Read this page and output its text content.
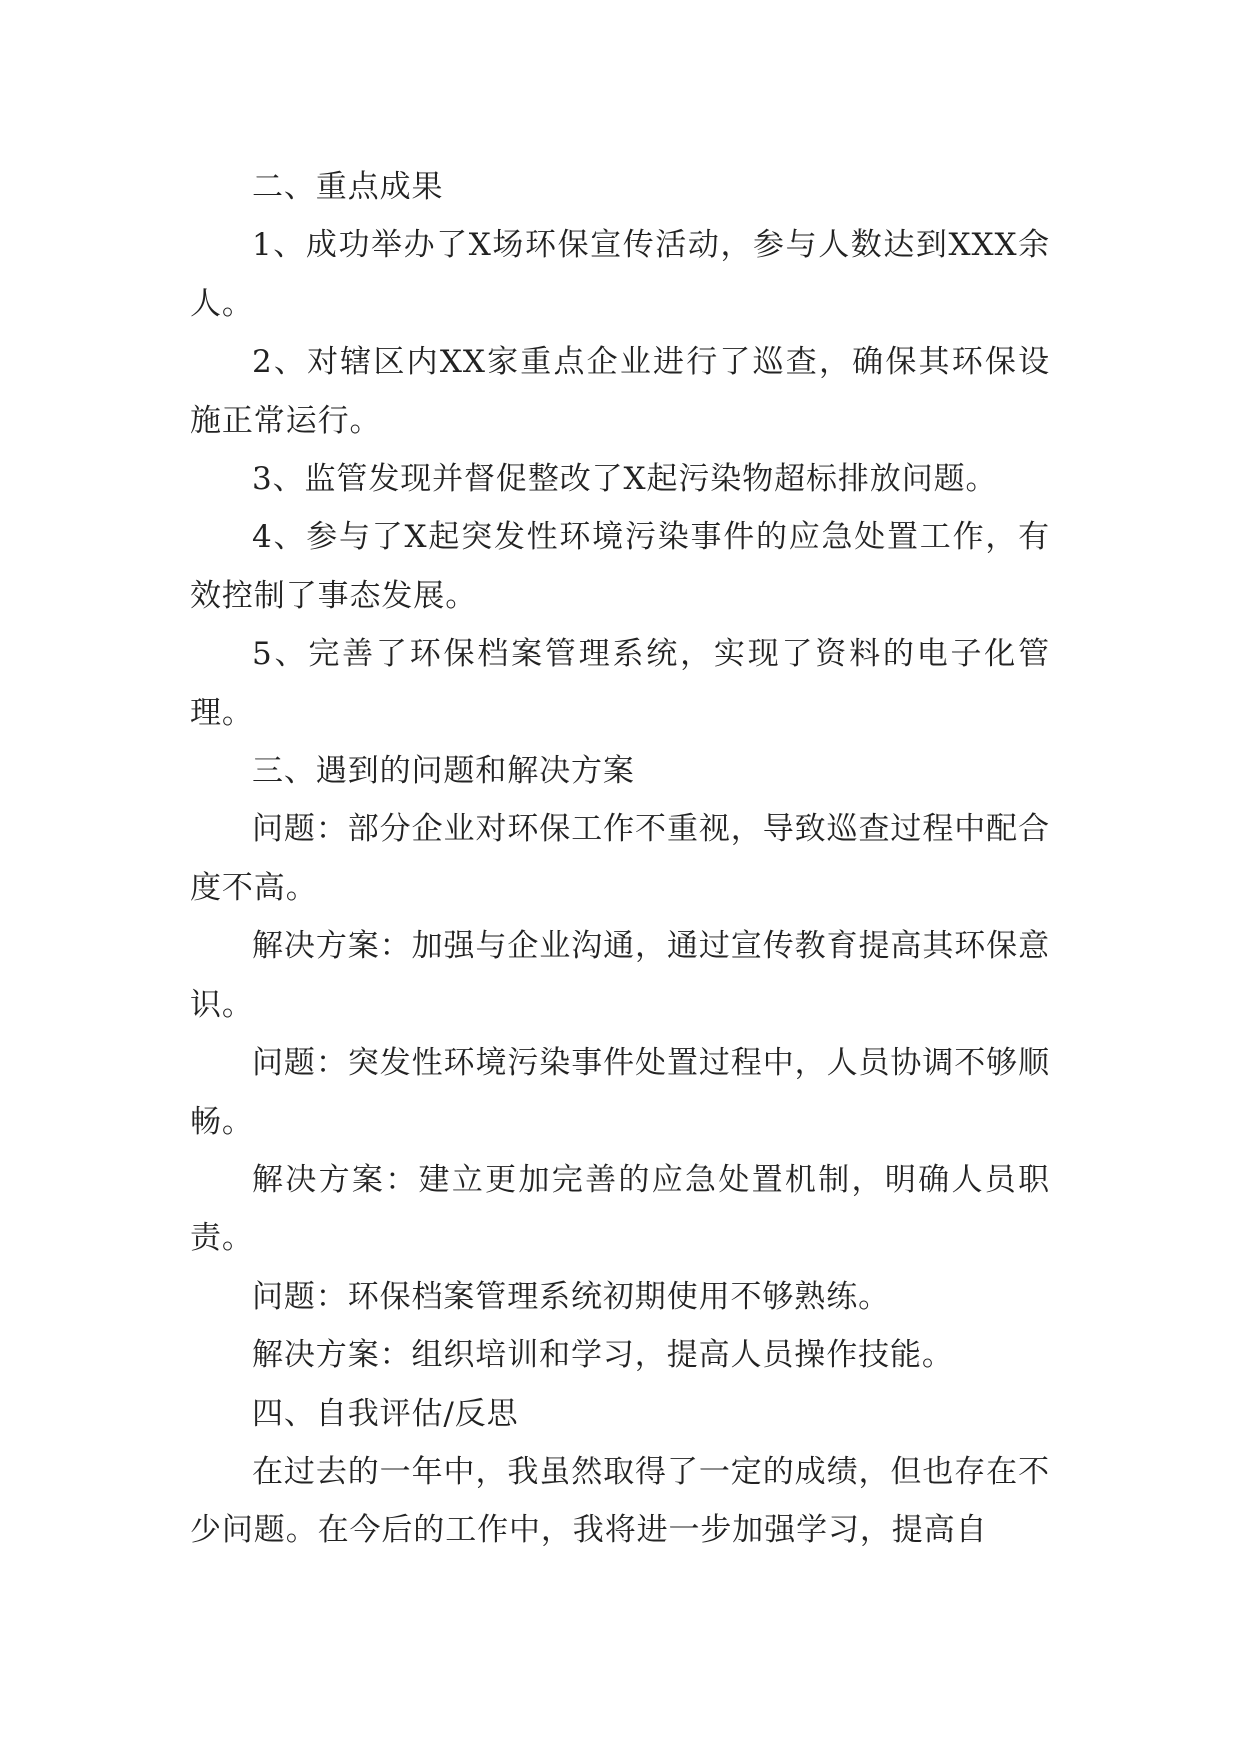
二、重点成果

1、成功举办了X场环保宣传活动，参与人数达到XXX余人。

2、对辖区内XX家重点企业进行了巡查，确保其环保设施正常运行。

3、监管发现并督促整改了X起污染物超标排放问题。

4、参与了X起突发性环境污染事件的应急处置工作，有效控制了事态发展。

5、完善了环保档案管理系统，实现了资料的电子化管理。

三、遇到的问题和解决方案

问题：部分企业对环保工作不重视，导致巡查过程中配合度不高。

解决方案：加强与企业沟通，通过宣传教育提高其环保意识。

问题：突发性环境污染事件处置过程中，人员协调不够顺畅。

解决方案：建立更加完善的应急处置机制，明确人员职责。

问题：环保档案管理系统初期使用不够熟练。

解决方案：组织培训和学习，提高人员操作技能。

四、自我评估/反思

在过去的一年中，我虽然取得了一定的成绩，但也存在不少问题。在今后的工作中，我将进一步加强学习，提高自
